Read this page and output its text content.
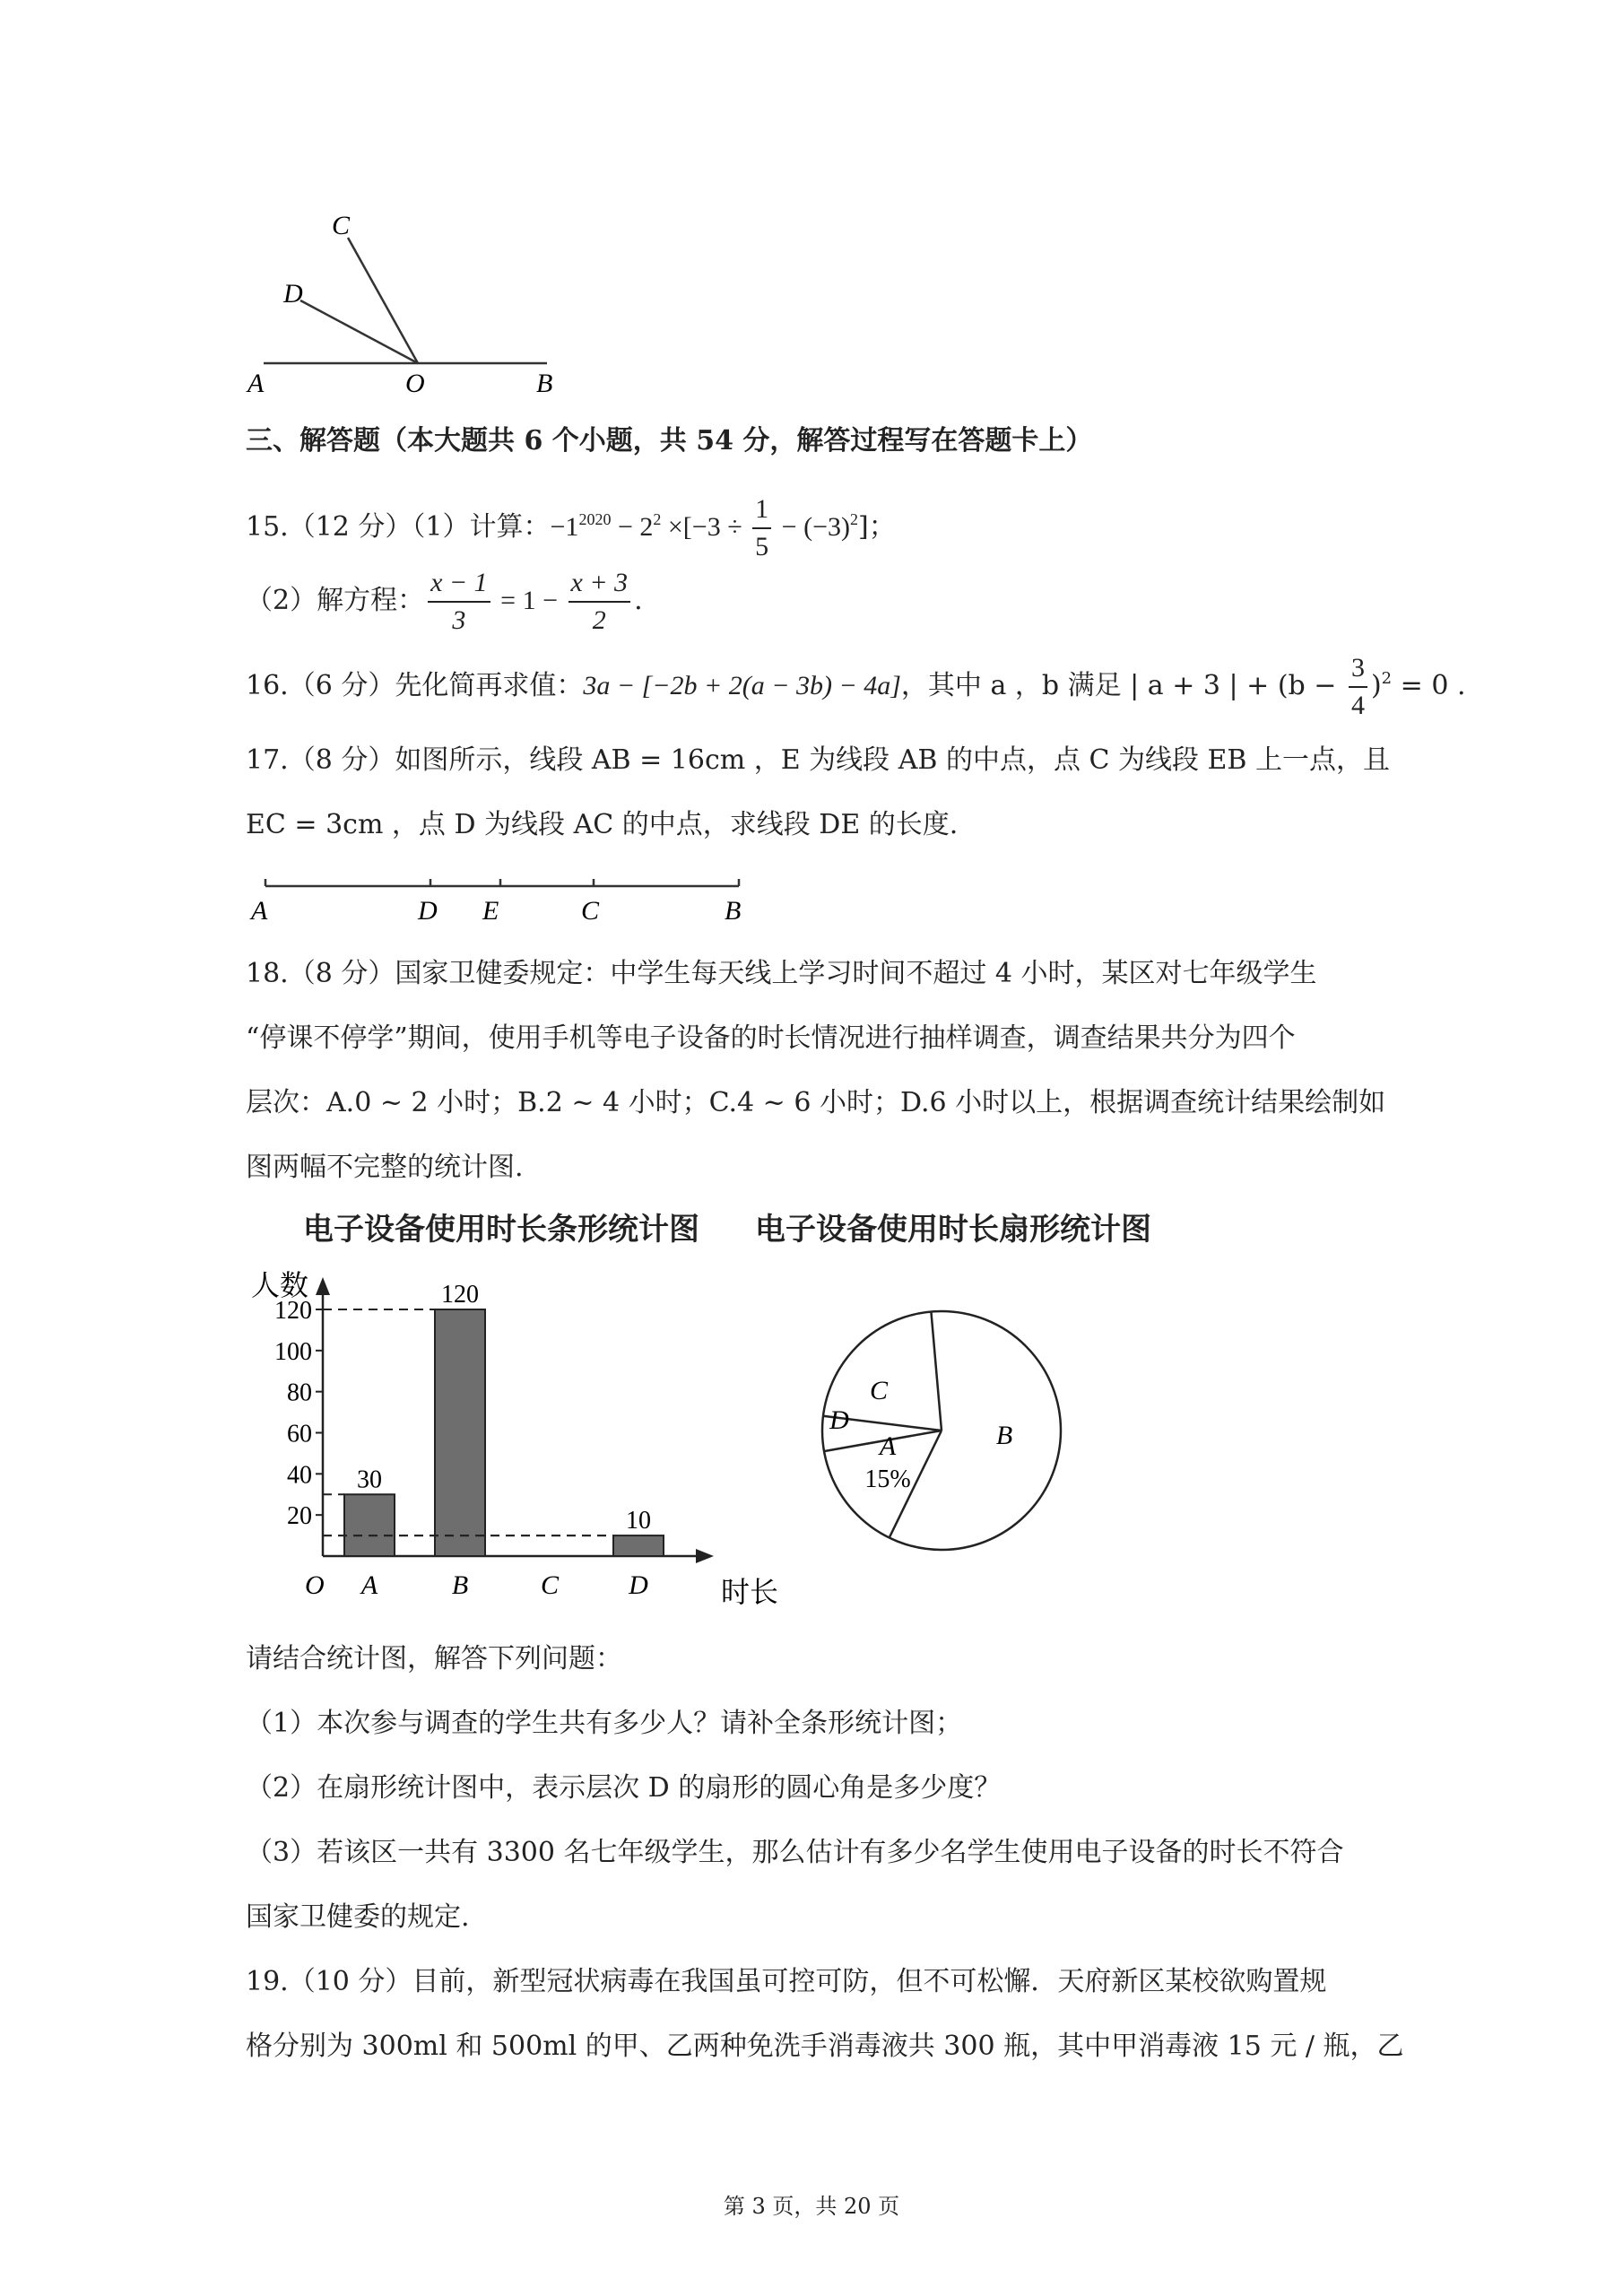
C
D
A	O	B
三、解答题（本大题共 6 个小题，共 54 分，解答过程写在答题卡上）
15.（12 分）（1）计算：$-1^{2020} - 2^2 \times[-3 \div \frac{1}{5} - (-3)^2]$；
（2）解方程： $\frac{x - 1}{3} = 1 - \frac{x + 3}{2}$ .
16.（6 分）先化简再求值：3a − [−2b + 2(a − 3b) − 4a]，其中 a ，b 满足 | a + 3 | + $(b - \frac{3}{4} )^2 = 0$ .
17.（8 分）如图所示，线段 AB = 16cm ，E 为线段 AB 的中点，点 C 为线段 EB 上一点，且
EC = 3cm ，点 D 为线段 AC 的中点，求线段 DE 的长度.
A	D E	C	B
18.（8 分）国家卫健委规定：中学生每天线上学习时间不超过 4 小时，某区对七年级学生
“停课不停学”期间，使用手机等电子设备的时长情况进行抽样调查，调查结果共分为四个
层次：A.0 ~ 2 小时；B.2 ~ 4 小时；C.4 ~ 6 小时；D.6 小时以上，根据调查统计结果绘制如
图两幅不完整的统计图.
电子设备使用时长条形统计图
人数
时长
O
20
40
60
80
100
120
30
A
120
B	C
10
D
电子设备使用时长扇形统计图
A
15%
B
C
D
请结合统计图，解答下列问题：
（1）本次参与调查的学生共有多少人？请补全条形统计图；
（2）在扇形统计图中，表示层次 D 的扇形的圆心角是多少度？
（3）若该区一共有 3300 名七年级学生，那么估计有多少名学生使用电子设备的时长不符合
国家卫健委的规定.
19.（10 分）目前，新型冠状病毒在我国虽可控可防，但不可松懈．天府新区某校欲购置规
格分别为 300ml 和 500ml 的甲、乙两种免洗手消毒液共 300 瓶，其中甲消毒液 15 元 / 瓶，乙
第 3 页，共 20 页
